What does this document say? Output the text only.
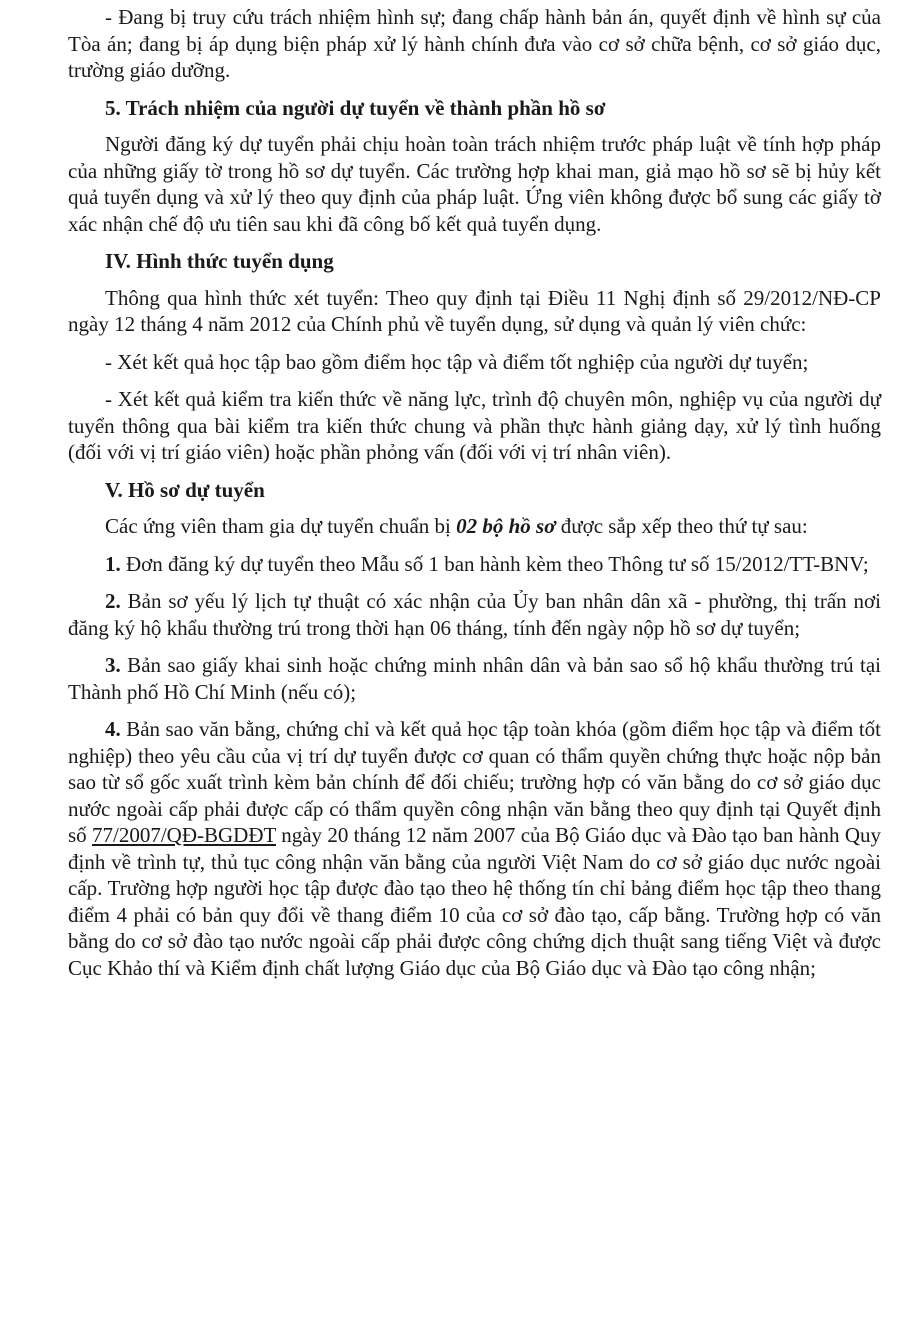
- Đang bị truy cứu trách nhiệm hình sự; đang chấp hành bản án, quyết định về hình sự của Tòa án; đang bị áp dụng biện pháp xử lý hành chính đưa vào cơ sở chữa bệnh, cơ sở giáo dục, trường giáo dưỡng.

5. Trách nhiệm của người dự tuyển về thành phần hồ sơ

Người đăng ký dự tuyển phải chịu hoàn toàn trách nhiệm trước pháp luật về tính hợp pháp của những giấy tờ trong hồ sơ dự tuyển. Các trường hợp khai man, giả mạo hồ sơ sẽ bị hủy kết quả tuyển dụng và xử lý theo quy định của pháp luật. Ứng viên không được bổ sung các giấy tờ xác nhận chế độ ưu tiên sau khi đã công bố kết quả tuyển dụng.

IV. Hình thức tuyển dụng

Thông qua hình thức xét tuyển: Theo quy định tại Điều 11 Nghị định số 29/2012/NĐ-CP ngày 12 tháng 4 năm 2012 của Chính phủ về tuyển dụng, sử dụng và quản lý viên chức:

- Xét kết quả học tập bao gồm điểm học tập và điểm tốt nghiệp của người dự tuyển;

- Xét kết quả kiểm tra kiến thức về năng lực, trình độ chuyên môn, nghiệp vụ của người dự tuyển thông qua bài kiểm tra kiến thức chung và phần thực hành giảng dạy, xử lý tình huống (đối với vị trí giáo viên) hoặc phần phỏng vấn (đối với vị trí nhân viên).

V. Hồ sơ dự tuyển

Các ứng viên tham gia dự tuyển chuẩn bị 02 bộ hồ sơ được sắp xếp theo thứ tự sau:

1. Đơn đăng ký dự tuyển theo Mẫu số 1 ban hành kèm theo Thông tư số 15/2012/TT-BNV;

2. Bản sơ yếu lý lịch tự thuật có xác nhận của Ủy ban nhân dân xã - phường, thị trấn nơi đăng ký hộ khẩu thường trú trong thời hạn 06 tháng, tính đến ngày nộp hồ sơ dự tuyển;

3. Bản sao giấy khai sinh hoặc chứng minh nhân dân và bản sao sổ hộ khẩu thường trú tại Thành phố Hồ Chí Minh (nếu có);

4. Bản sao văn bằng, chứng chỉ và kết quả học tập toàn khóa (gồm điểm học tập và điểm tốt nghiệp) theo yêu cầu của vị trí dự tuyển được cơ quan có thẩm quyền chứng thực hoặc nộp bản sao từ sổ gốc xuất trình kèm bản chính để đối chiếu; trường hợp có văn bằng do cơ sở giáo dục nước ngoài cấp phải được cấp có thẩm quyền công nhận văn bằng theo quy định tại Quyết định số 77/2007/QĐ-BGDĐT ngày 20 tháng 12 năm 2007 của Bộ Giáo dục và Đào tạo ban hành Quy định về trình tự, thủ tục công nhận văn bằng của người Việt Nam do cơ sở giáo dục nước ngoài cấp. Trường hợp người học tập được đào tạo theo hệ thống tín chỉ bảng điểm học tập theo thang điểm 4 phải có bản quy đổi về thang điểm 10 của cơ sở đào tạo, cấp bằng. Trường hợp có văn bằng do cơ sở đào tạo nước ngoài cấp phải được công chứng dịch thuật sang tiếng Việt và được Cục Khảo thí và Kiểm định chất lượng Giáo dục của Bộ Giáo dục và Đào tạo công nhận;
